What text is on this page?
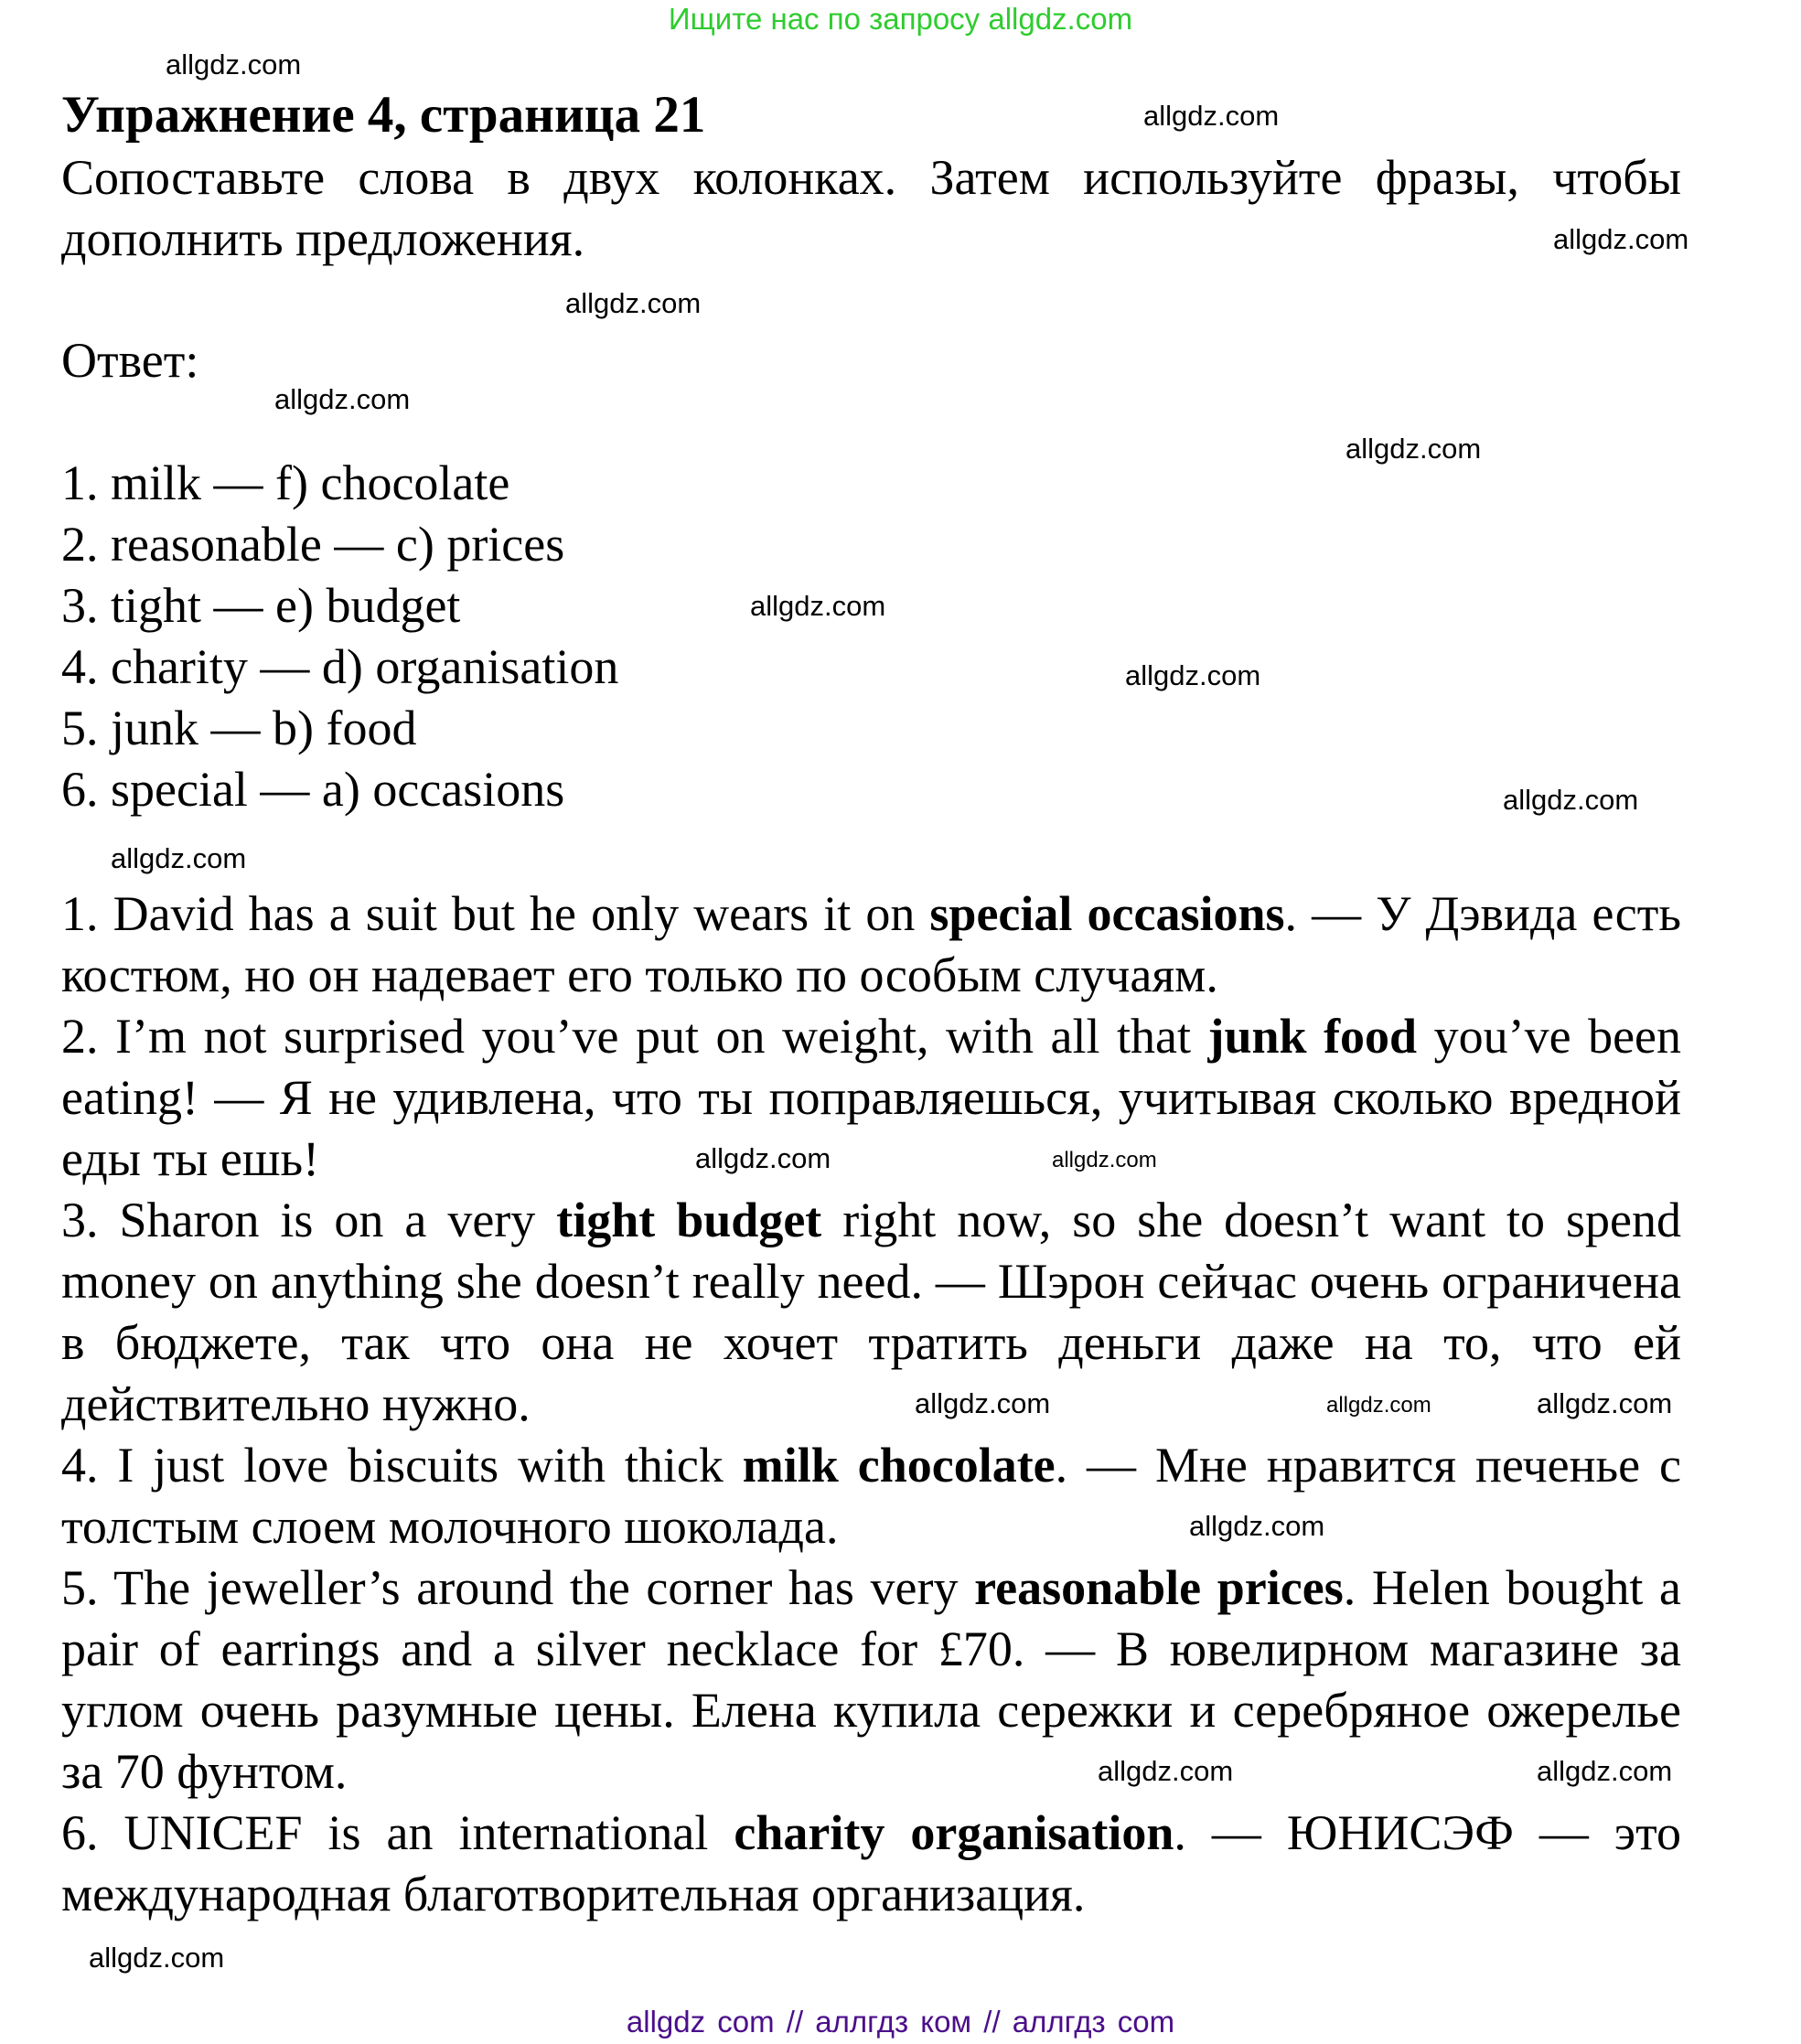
Ищите нас по запросу allgdz.com
Упражнение 4, страница 21
Сопоставьте слова в двух колонках. Затем используйте фразы, чтобы дополнить предложения.
Ответ:
1. milk — f) chocolate
2. reasonable — c) prices
3. tight — e) budget
4. charity — d) organisation
5. junk — b) food
6. special — a) occasions

1. David has a suit but he only wears it on special occasions. — У Дэвида есть костюм, но он надевает его только по особым случаям.

2. I’m not surprised you’ve put on weight, with all that junk food you’ve been eating! — Я не удивлена, что ты поправляешься, учитывая сколько вредной еды ты ешь!

3. Sharon is on a very tight budget right now, so she doesn’t want to spend money on anything she doesn’t really need. — Шэрон сейчас очень ограничена в бюджете, так что она не хочет тратить деньги даже на то, что ей действительно нужно.

4. I just love biscuits with thick milk chocolate. — Мне нравится печенье с толстым слоем молочного шоколада.

5. The jeweller’s around the corner has very reasonable prices. Helen bought a pair of earrings and a silver necklace for £70. — В ювелирном магазине за углом очень разумные цены. Елена купила сережки и серебряное ожерелье за 70 фунтом.

6. UNICEF is an international charity organisation. — ЮНИСЭФ — это международная благотворительная организация.

allgdz.com
allgdz.com
allgdz.com
allgdz.com
allgdz.com
allgdz.com
allgdz.com
allgdz.com
allgdz.com
allgdz.com
allgdz.com	allgdz.com
allgdz.com
allgdz.com	allgdz.com
allgdz.com
allgdz.com	allgdz.com
allgdz.com
allgdz com // аллгдз ком // аллгдз com
